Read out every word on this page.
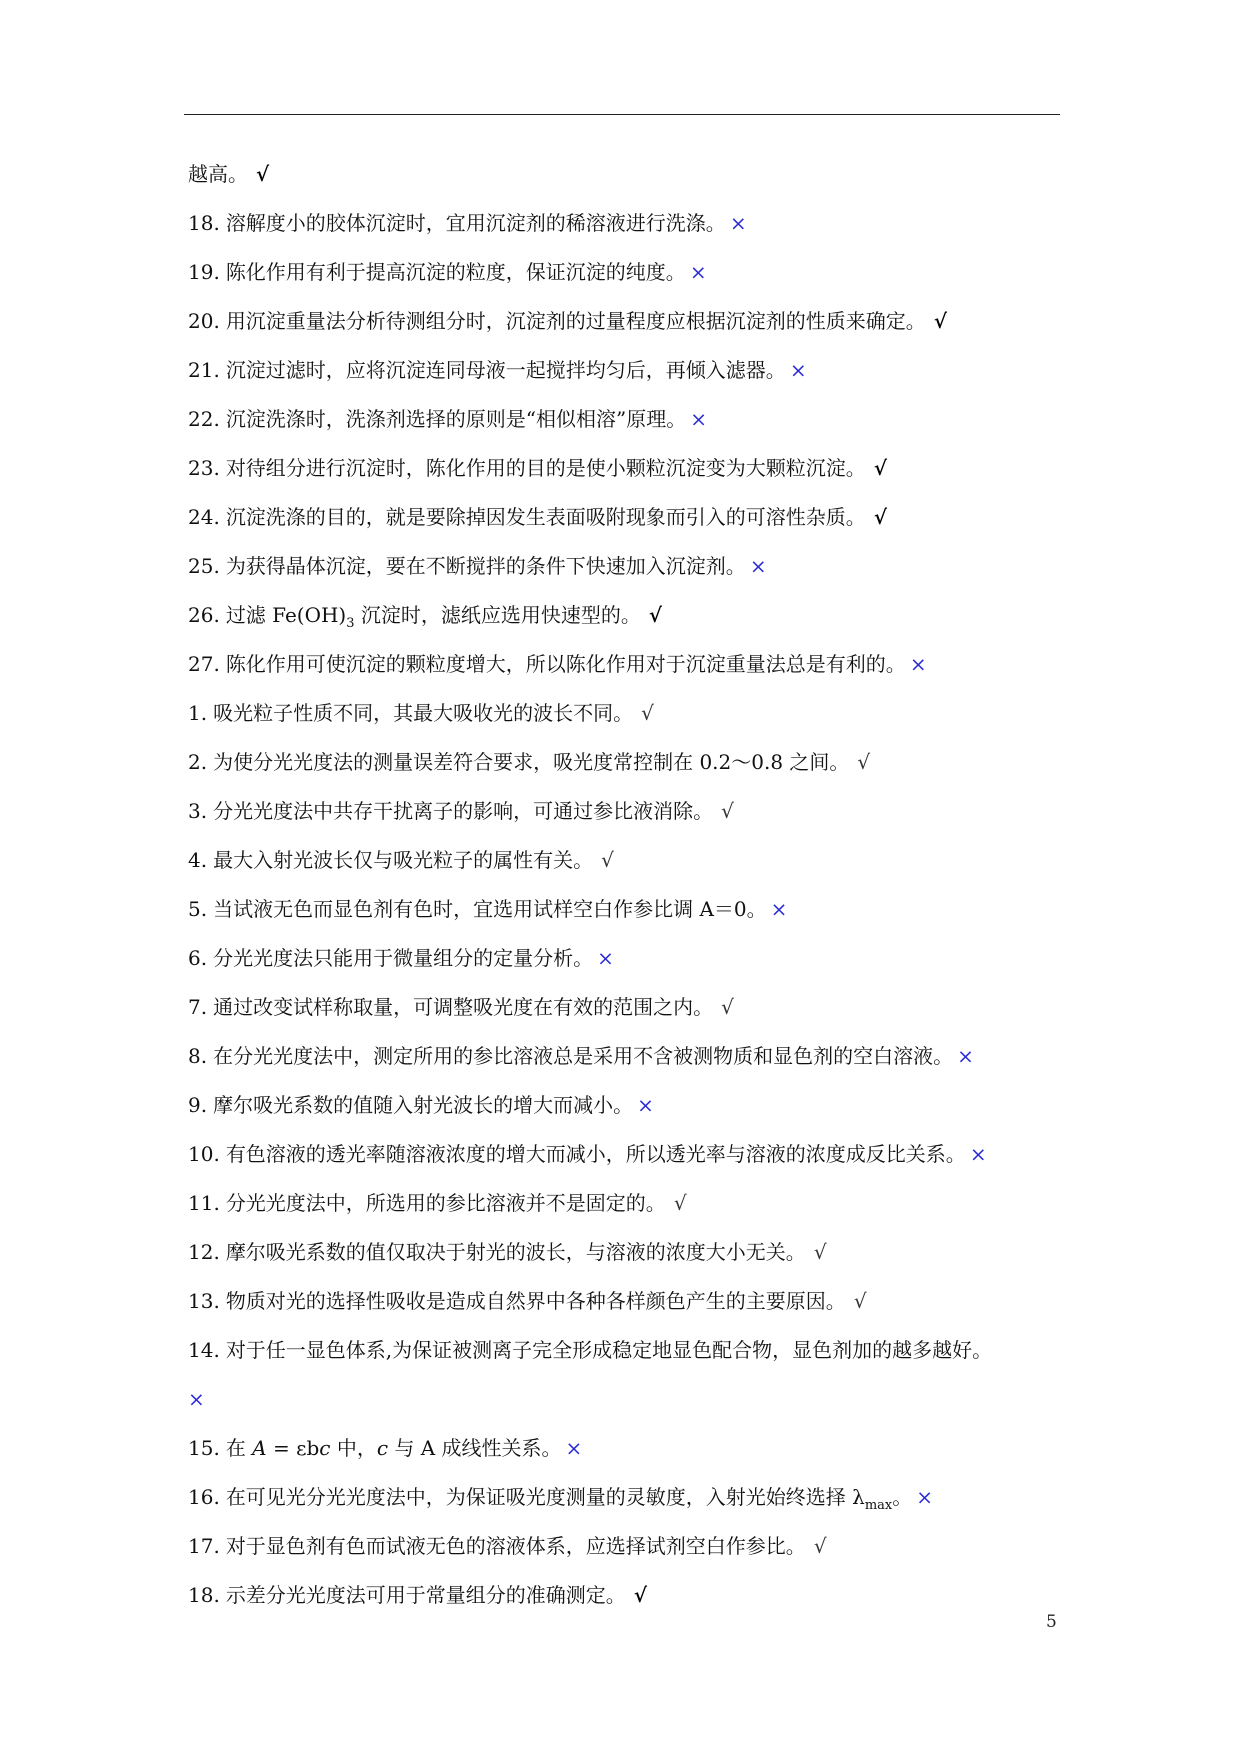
越高。 √
18. 溶解度小的胶体沉淀时，宜用沉淀剂的稀溶液进行洗涤。 ×
19. 陈化作用有利于提高沉淀的粒度，保证沉淀的纯度。 ×
20. 用沉淀重量法分析待测组分时，沉淀剂的过量程度应根据沉淀剂的性质来确定。 √
21. 沉淀过滤时，应将沉淀连同母液一起搅拌均匀后，再倾入滤器。 ×
22. 沉淀洗涤时，洗涤剂选择的原则是“相似相溶”原理。 ×
23. 对待组分进行沉淀时，陈化作用的目的是使小颗粒沉淀变为大颗粒沉淀。 √
24. 沉淀洗涤的目的，就是要除掉因发生表面吸附现象而引入的可溶性杂质。 √
25. 为获得晶体沉淀，要在不断搅拌的条件下快速加入沉淀剂。 ×
26. 过滤 $Fe(OH)_3$ 沉淀时，滤纸应选用快速型的。 √
27. 陈化作用可使沉淀的颗粒度增大，所以陈化作用对于沉淀重量法总是有利的。 ×
1. 吸光粒子性质不同，其最大吸收光的波长不同。 √
2. 为使分光光度法的测量误差符合要求，吸光度常控制在 0.2～0.8 之间。 √
3. 分光光度法中共存干扰离子的影响，可通过参比液消除。 √
4. 最大入射光波长仅与吸光粒子的属性有关。 √
5. 当试液无色而显色剂有色时，宜选用试样空白作参比调 A＝0。 ×
6. 分光光度法只能用于微量组分的定量分析。 ×
7. 通过改变试样称取量，可调整吸光度在有效的范围之内。 √
8. 在分光光度法中，测定所用的参比溶液总是采用不含被测物质和显色剂的空白溶液。 ×
9. 摩尔吸光系数的值随入射光波长的增大而减小。 ×
10. 有色溶液的透光率随溶液浓度的增大而减小，所以透光率与溶液的浓度成反比关系。 ×
11. 分光光度法中，所选用的参比溶液并不是固定的。 √
12. 摩尔吸光系数的值仅取决于射光的波长，与溶液的浓度大小无关。 √
13. 物质对光的选择性吸收是造成自然界中各种各样颜色产生的主要原因。 √
14. 对于任一显色体系,为保证被测离子完全形成稳定地显色配合物，显色剂加的越多越好。
×
15. 在 A = εbc 中，c 与 A 成线性关系。 ×
16. 在可见光分光光度法中，为保证吸光度测量的灵敏度，入射光始终选择 $\lambda_{max}$。 ×
17. 对于显色剂有色而试液无色的溶液体系，应选择试剂空白作参比。 √
18. 示差分光光度法可用于常量组分的准确测定。 √
5
